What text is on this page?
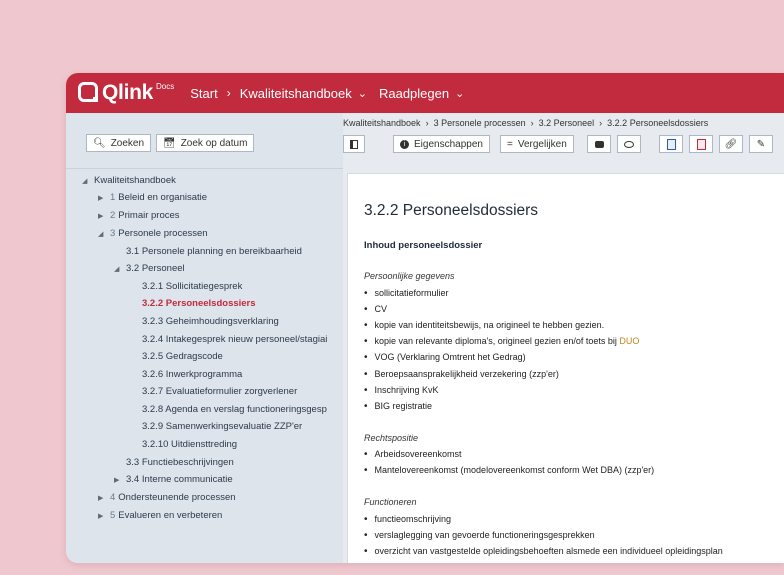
Qlink Docs Start › Kwaliteitshandboek ⌄ Raadplegen ⌄
🔍︎ Zoeken 📅︎ Zoek op datum
◢ Kwaliteitshandboek
▶ 1 Beleid en organisatie
▶ 2 Primair proces
◢ 3 Personele processen
3.1 Personele planning en bereikbaarheid
◢ 3.2 Personeel
3.2.1 Sollicitatiegesprek
3.2.2 Personeelsdossiers
3.2.3 Geheimhoudingsverklaring
3.2.4 Intakegesprek nieuw personeel/stagiai
3.2.5 Gedragscode
3.2.6 Inwerkprogramma
3.2.7 Evaluatieformulier zorgverlener
3.2.8 Agenda en verslag functioneringsgesp
3.2.9 Samenwerkingsevaluatie ZZP'er
3.2.10 Uitdiensttreding
3.3 Functiebeschrijvingen
▶ 3.4 Interne communicatie
▶ 4 Ondersteunende processen
▶ 5 Evalueren en verbeteren
Kwaliteitshandboek › 3 Personele processen › 3.2 Personeel › 3.2.2 Personeelsdossiers
i Eigenschappen = Vergelijken	🔗︎ ✎
3.2.2 Personeelsdossiers
Inhoud personeelsdossier
Persoonlijke gegevens
• sollicitatieformulier
• CV
• kopie van identiteitsbewijs, na origineel te hebben gezien.
• kopie van relevante diploma's, origineel gezien en/of toets bij DUO
• VOG (Verklaring Omtrent het Gedrag)
• Beroepsaansprakelijkheid verzekering (zzp'er)
• Inschrijving KvK
• BIG registratie
Rechtspositie
• Arbeidsovereenkomst
• Mantelovereenkomst (modelovereenkomst conform Wet DBA) (zzp'er)
Functioneren
• functieomschrijving
• verslaglegging van gevoerde functioneringsgesprekken
• overzicht van vastgestelde opleidingsbehoeften alsmede een individueel opleidingsplan
